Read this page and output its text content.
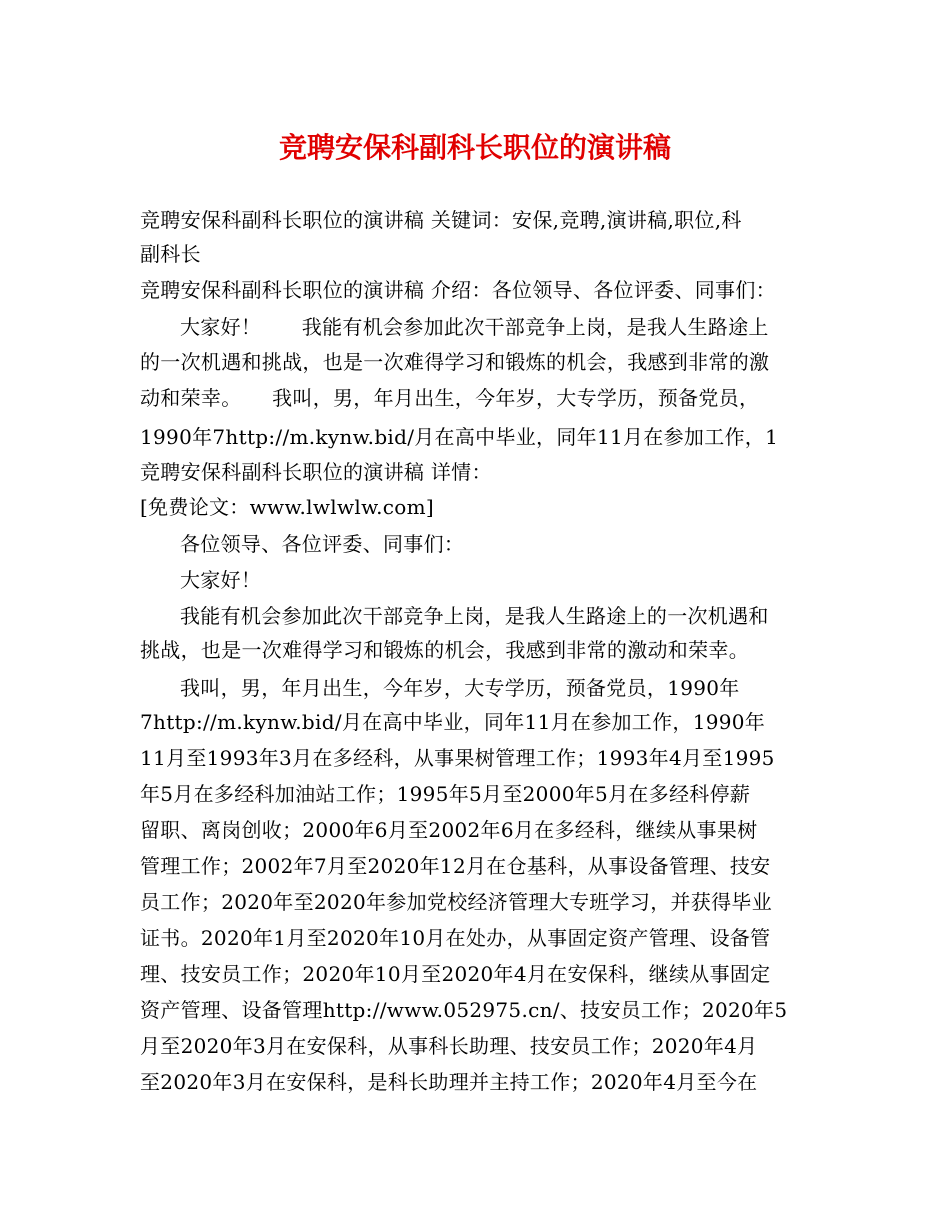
竞聘安保科副科长职位的演讲稿
竞聘安保科副科长职位的演讲稿 关键词：安保,竞聘,演讲稿,职位,科
副科长
竞聘安保科副科长职位的演讲稿 介绍：各位领导、各位评委、同事们：
大家好！　　我能有机会参加此次干部竞争上岗，是我人生路途上
的一次机遇和挑战，也是一次难得学习和锻炼的机会，我感到非常的激
动和荣幸。　　我叫，男，年月出生，今年岁，大专学历，预备党员，
1990年7http://m.kynw.bid/月在高中毕业，同年11月在参加工作，1
竞聘安保科副科长职位的演讲稿 详情：
[免费论文：www.lwlwlw.com]
各位领导、各位评委、同事们：
大家好！
我能有机会参加此次干部竞争上岗，是我人生路途上的一次机遇和
挑战，也是一次难得学习和锻炼的机会，我感到非常的激动和荣幸。
我叫，男，年月出生，今年岁，大专学历，预备党员，1990年
7http://m.kynw.bid/月在高中毕业，同年11月在参加工作，1990年
11月至1993年3月在多经科，从事果树管理工作；1993年4月至1995
年5月在多经科加油站工作；1995年5月至2000年5月在多经科停薪
留职、离岗创收；2000年6月至2002年6月在多经科，继续从事果树
管理工作；2002年7月至2020年12月在仓基科，从事设备管理、技安
员工作；2020年至2020年参加党校经济管理大专班学习，并获得毕业
证书。2020年1月至2020年10月在处办，从事固定资产管理、设备管
理、技安员工作；2020年10月至2020年4月在安保科，继续从事固定
资产管理、设备管理http://www.052975.cn/、技安员工作；2020年5
月至2020年3月在安保科，从事科长助理、技安员工作；2020年4月
至2020年3月在安保科，是科长助理并主持工作；2020年4月至今在
